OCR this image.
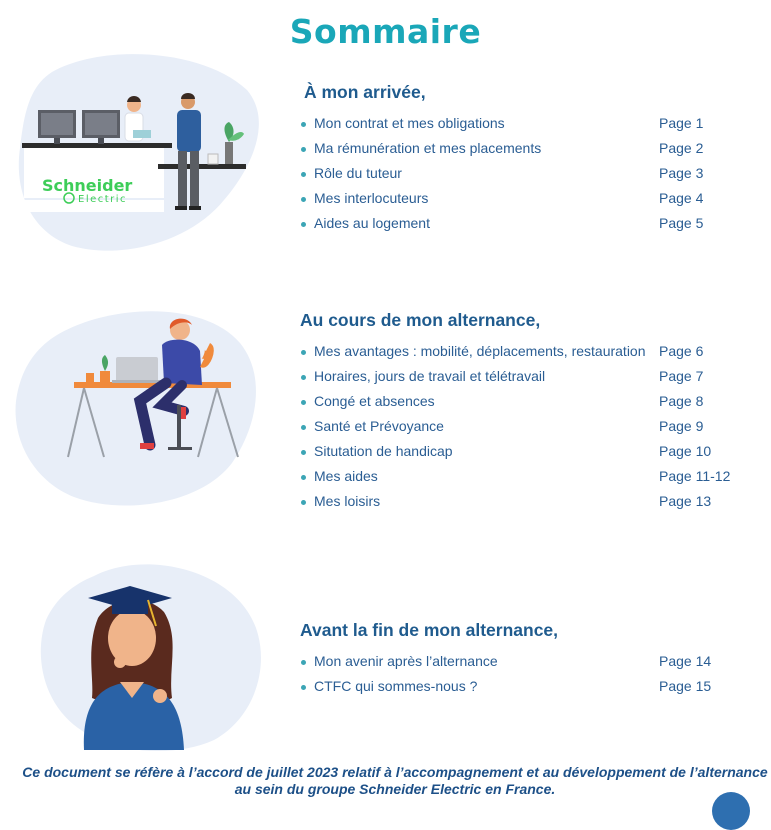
Sommaire
Schneider
Electric
À mon arrivée,
Mon contrat et mes obligations	Page 1
Ma rémunération et mes placements	Page 2
Rôle du tuteur	Page 3
Mes interlocuteurs	Page 4
Aides au logement	Page 5
Au cours de mon alternance,
Mes avantages : mobilité, déplacements, restauration Page 6
Horaires, jours de travail et télétravail	Page 7
Congé et absences	Page 8
Santé et Prévoyance	Page 9
Situtation de handicap	Page 10
Mes aides	Page 11-12
Mes loisirs	Page 13
Avant la fin de mon alternance,
Mon avenir après l’alternance	Page 14
CTFC qui sommes-nous ?	Page 15
Ce document se réfère à l’accord de juillet 2023 relatif à l’accompagnement et au développement de l’alternance au sein du groupe Schneider Electric en France.
